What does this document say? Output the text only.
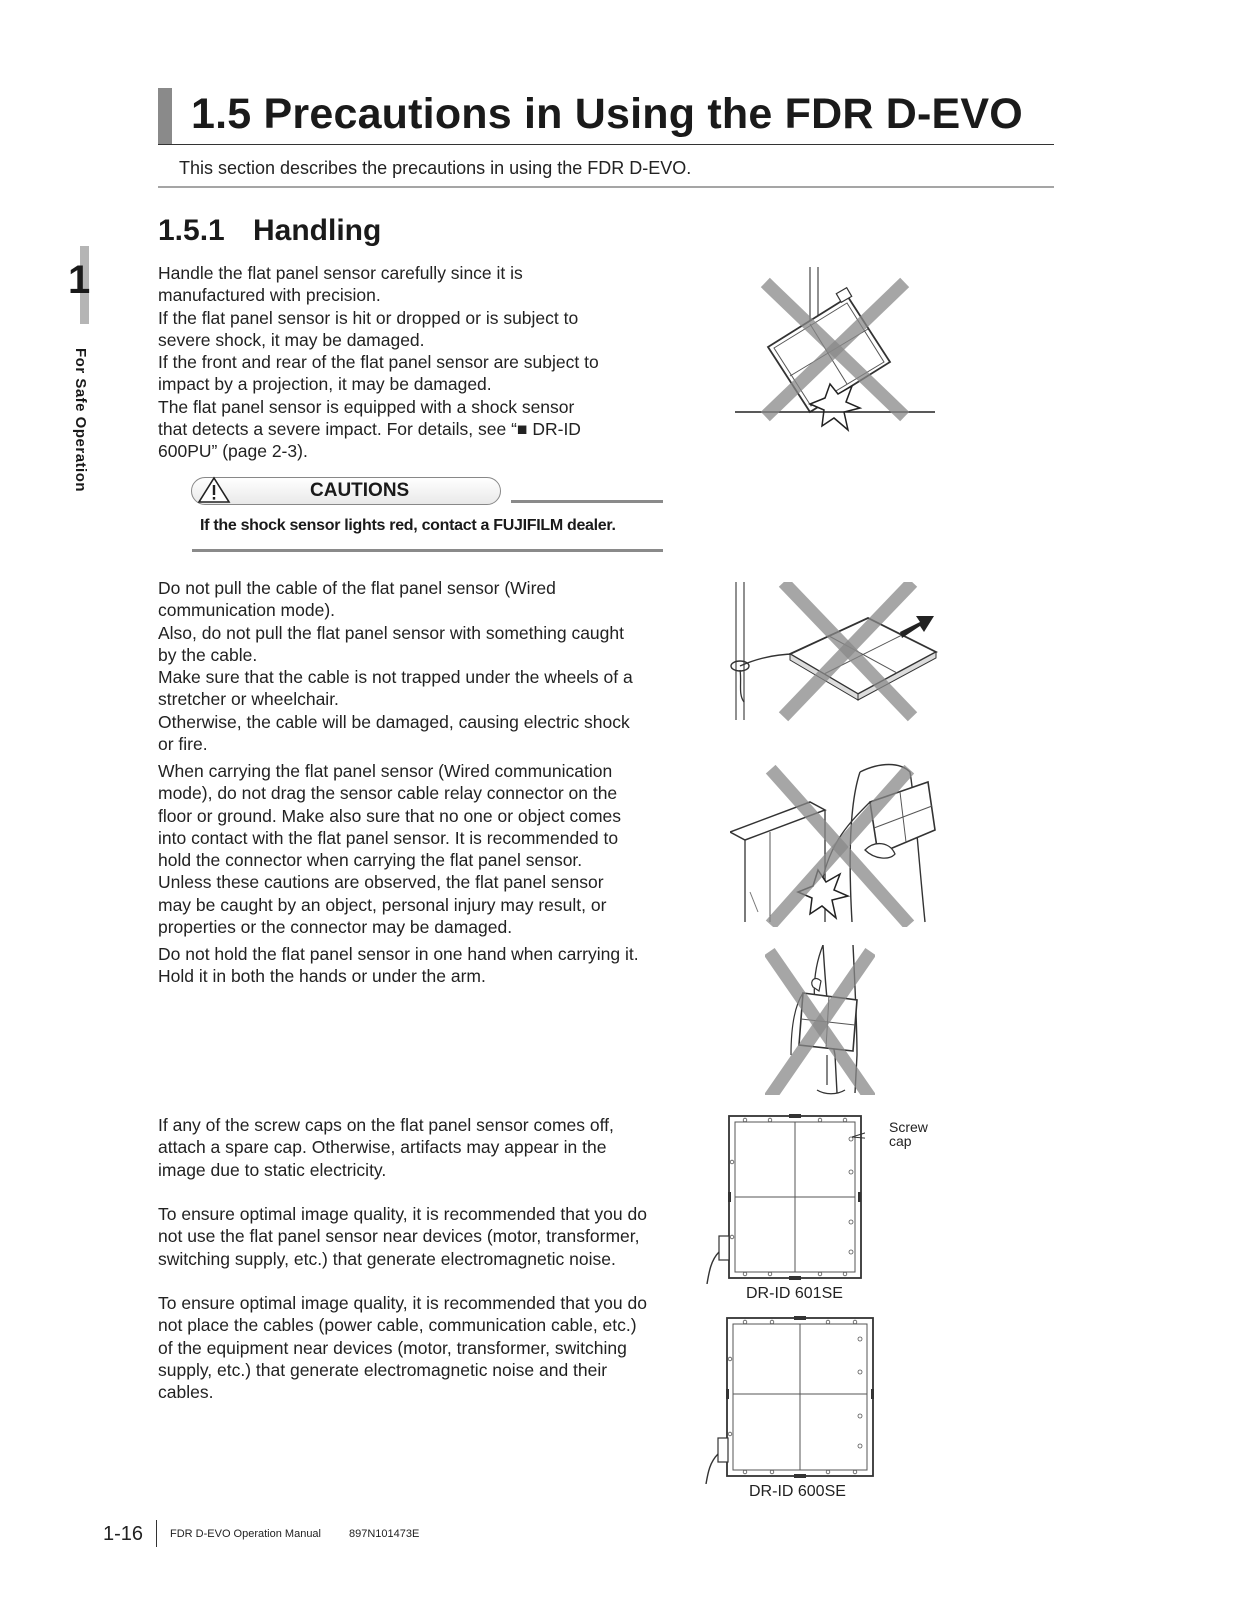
1.5 Precautions in Using the FDR D-EVO
This section describes the precautions in using the FDR D-EVO.
1.5.1 Handling
1
For Safe Operation

Handle the flat panel sensor carefully since it is

manufactured with precision.

If the flat panel sensor is hit or dropped or is subject to

severe shock, it may be damaged.

If the front and rear of the flat panel sensor are subject to

impact by a projection, it may be damaged.

The flat panel sensor is equipped with a shock sensor

that detects a severe impact. For details, see “■ DR-ID

600PU” (page 2-3).

CAUTIONS
If the shock sensor lights red, contact a FUJIFILM dealer.

Do not pull the cable of the flat panel sensor (Wired

communication mode).

Also, do not pull the flat panel sensor with something caught

by the cable.

Make sure that the cable is not trapped under the wheels of a

stretcher or wheelchair.

Otherwise, the cable will be damaged, causing electric shock

or fire.

When carrying the flat panel sensor (Wired communication

mode), do not drag the sensor cable relay connector on the

floor or ground. Make also sure that no one or object comes

into contact with the flat panel sensor. It is recommended to

hold the connector when carrying the flat panel sensor.

Unless these cautions are observed, the flat panel sensor

may be caught by an object, personal injury may result, or

properties or the connector may be damaged.

Do not hold the flat panel sensor in one hand when carrying it.

Hold it in both the hands or under the arm.

If any of the screw caps on the flat panel sensor comes off,

attach a spare cap. Otherwise, artifacts may appear in the

image due to static electricity.

To ensure optimal image quality, it is recommended that you do

not use the flat panel sensor near devices (motor, transformer,

switching supply, etc.) that generate electromagnetic noise.

To ensure optimal image quality, it is recommended that you do

not place the cables (power cable, communication cable, etc.)

of the equipment near devices (motor, transformer, switching

supply, etc.) that generate electromagnetic noise and their

cables.

Screw
cap
DR-ID 601SE
DR-ID 600SE
1-16 FDR D-EVO Operation Manual	897N101473E
